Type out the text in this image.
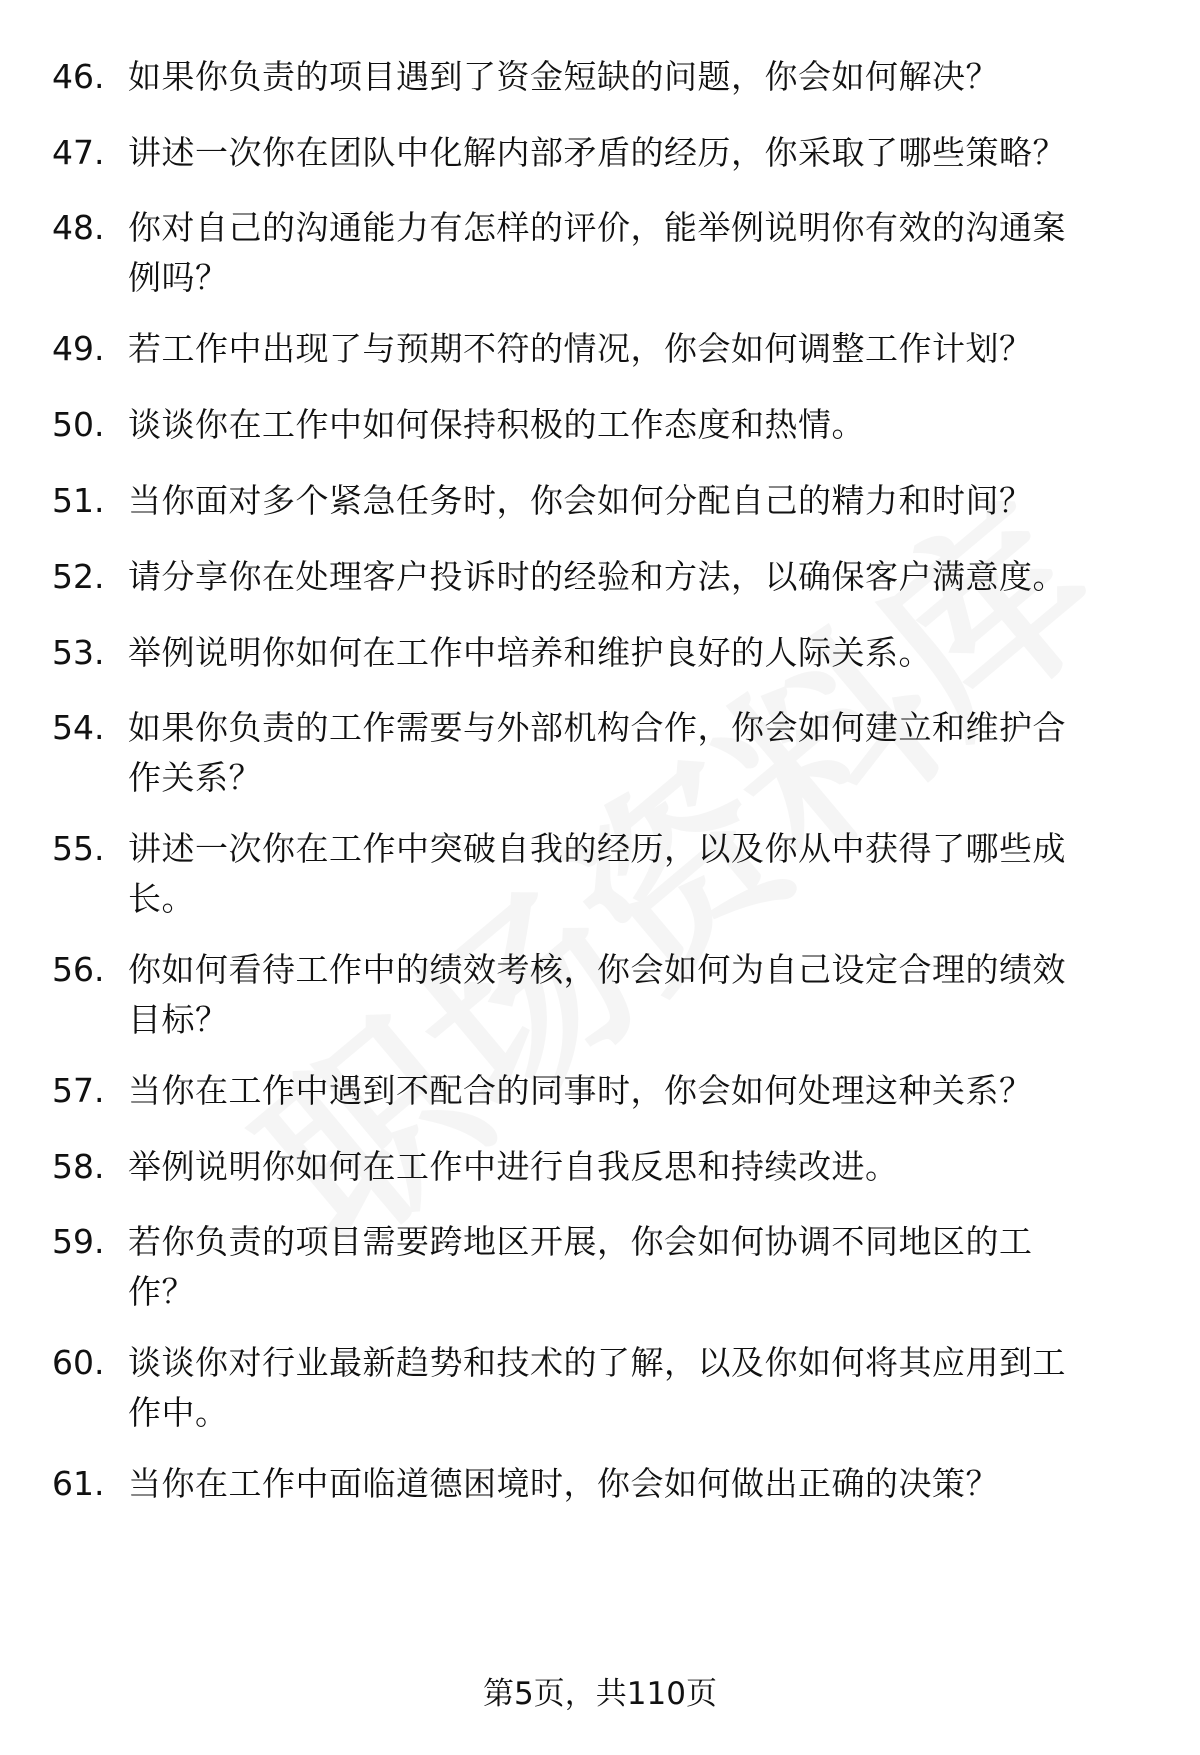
46. 如果你负责的项目遇到了资金短缺的问题，你会如何解决？
47. 讲述一次你在团队中化解内部矛盾的经历，你采取了哪些策略？
48. 你对自己的沟通能力有怎样的评价，能举例说明你有效的沟通案
例吗？
49. 若工作中出现了与预期不符的情况，你会如何调整工作计划？
50. 谈谈你在工作中如何保持积极的工作态度和热情。
51. 当你面对多个紧急任务时，你会如何分配自己的精力和时间？
52. 请分享你在处理客户投诉时的经验和方法，以确保客户满意度。
53. 举例说明你如何在工作中培养和维护良好的人际关系。
54. 如果你负责的工作需要与外部机构合作，你会如何建立和维护合
作关系？
55. 讲述一次你在工作中突破自我的经历，以及你从中获得了哪些成
长。
56. 你如何看待工作中的绩效考核，你会如何为自己设定合理的绩效
目标？
57. 当你在工作中遇到不配合的同事时，你会如何处理这种关系？
58. 举例说明你如何在工作中进行自我反思和持续改进。
59. 若你负责的项目需要跨地区开展，你会如何协调不同地区的工
作？
60. 谈谈你对行业最新趋势和技术的了解，以及你如何将其应用到工
作中。
61. 当你在工作中面临道德困境时，你会如何做出正确的决策？
第5页，共110页
